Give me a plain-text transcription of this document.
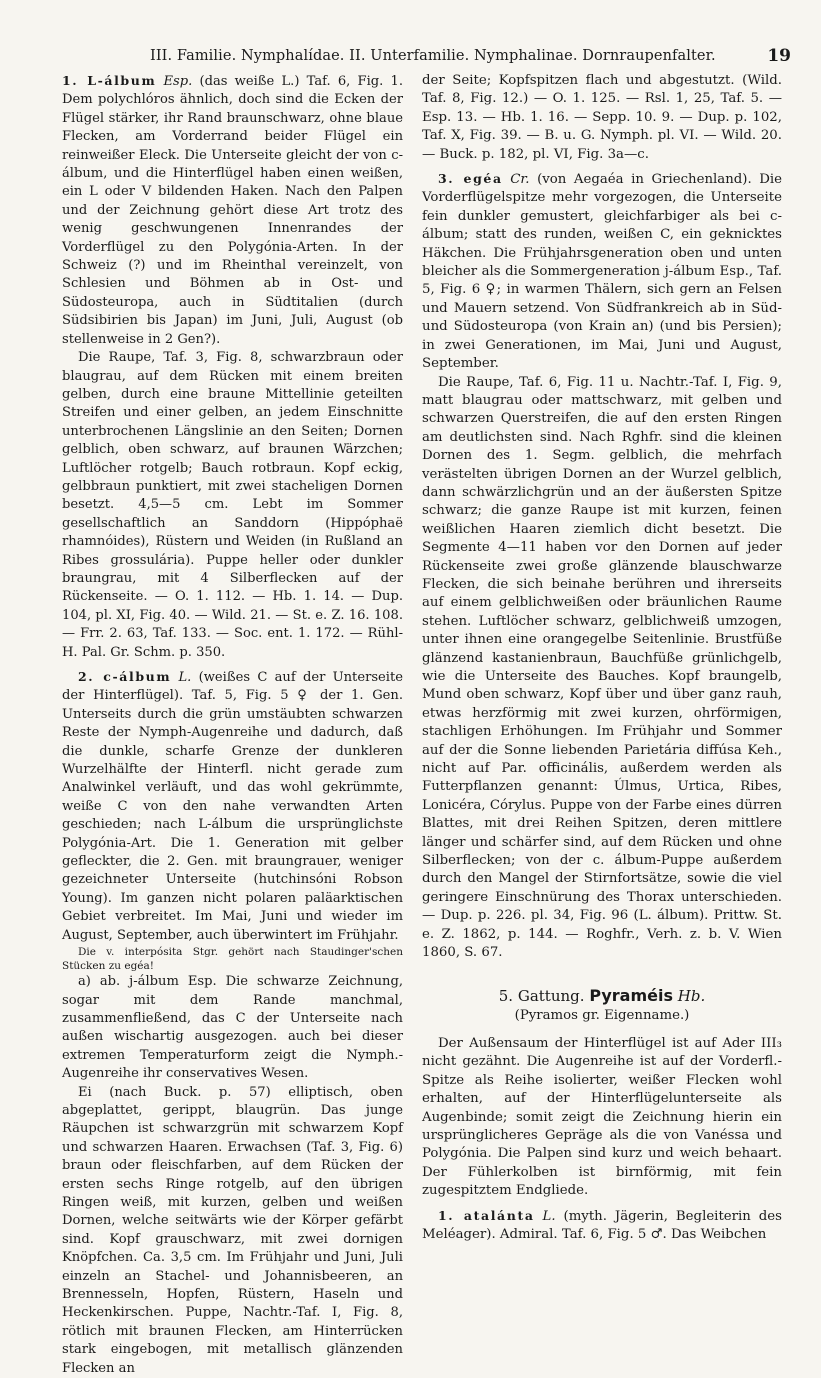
III. Familie. Nymphalídae. II. Unterfamilie. Nymphalinae. Dornraupenfalter.	19

1. L-álbum Esp. (das weiße L.) Taf. 6, Fig. 1. Dem polychlóros ähnlich, doch sind die Ecken der Flügel stärker, ihr Rand braunschwarz, ohne blaue Flecken, am Vorderrand beider Flügel ein reinweißer Eleck. Die Unterseite gleicht der von c-álbum, und die Hinterflügel haben einen weißen, ein L oder V bildenden Haken. Nach den Palpen und der Zeichnung gehört diese Art trotz des wenig geschwungenen Innenrandes der Vorderflügel zu den Polygónia-Arten. In der Schweiz (?) und im Rheinthal vereinzelt, von Schlesien und Böhmen ab in Ost- und Südosteuropa, auch in Südtitalien (durch Südsibirien bis Japan) im Juni, Juli, August (ob stellenweise in 2 Gen?).

Die Raupe, Taf. 3, Fig. 8, schwarzbraun oder blaugrau, auf dem Rücken mit einem breiten gelben, durch eine braune Mittellinie geteilten Streifen und einer gelben, an jedem Einschnitte unterbrochenen Längslinie an den Seiten; Dornen gelblich, oben schwarz, auf braunen Wärzchen; Luftlöcher rotgelb; Bauch rotbraun. Kopf eckig, gelbbraun punktiert, mit zwei stacheligen Dornen besetzt. 4,5—5 cm. Lebt im Sommer gesellschaftlich an Sanddorn (Hippóphaë rhamnóides), Rüstern und Weiden (in Rußland an Ribes grossulária). Puppe heller oder dunkler braungrau, mit 4 Silberflecken auf der Rückenseite. — O. 1. 112. — Hb. 1. 14. — Dup. 104, pl. XI, Fig. 40. — Wild. 21. — St. e. Z. 16. 108. — Frr. 2. 63, Taf. 133. — Soc. ent. 1. 172. — Rühl-H. Pal. Gr. Schm. p. 350.

2. c-álbum L. (weißes C auf der Unterseite der Hinterflügel). Taf. 5, Fig. 5 ♀ der 1. Gen. Unterseits durch die grün umstäubten schwarzen Reste der Nymph-Augenreihe und dadurch, daß die dunkle, scharfe Grenze der dunkleren Wurzelhälfte der Hinterfl. nicht gerade zum Analwinkel verläuft, und das wohl gekrümmte, weiße C von den nahe verwandten Arten geschieden; nach L-álbum die ursprünglichste Polygónia-Art. Die 1. Generation mit gelber gefleckter, die 2. Gen. mit braungrauer, weniger gezeichneter Unterseite (hutchinsóni Robson Young). Im ganzen nicht polaren paläarktischen Gebiet verbreitet. Im Mai, Juni und wieder im August, September, auch überwintert im Frühjahr.

Die v. interpósita Stgr. gehört nach Staudinger'schen Stücken zu egéa!

a) ab. j-álbum Esp. Die schwarze Zeichnung, sogar mit dem Rande manchmal, zusammenfließend, das C der Unterseite nach außen wischartig ausgezogen. auch bei dieser extremen Temperaturform zeigt die Nymph.-Augenreihe ihr conservatives Wesen.

Ei (nach Buck. p. 57) elliptisch, oben abgeplattet, gerippt, blaugrün. Das junge Räupchen ist schwarzgrün mit schwarzem Kopf und schwarzen Haaren. Erwachsen (Taf. 3, Fig. 6) braun oder fleischfarben, auf dem Rücken der ersten sechs Ringe rotgelb, auf den übrigen Ringen weiß, mit kurzen, gelben und weißen Dornen, welche seitwärts wie der Körper gefärbt sind. Kopf grauschwarz, mit zwei dornigen Knöpfchen. Ca. 3,5 cm. Im Frühjahr und Juni, Juli einzeln an Stachel- und Johannisbeeren, an Brennesseln, Hopfen, Rüstern, Haseln und Heckenkirschen. Puppe, Nachtr.-Taf. I, Fig. 8, rötlich mit braunen Flecken, am Hinterrücken stark eingebogen, mit metallisch glänzenden Flecken an

der Seite; Kopfspitzen flach und abgestutzt. (Wild. Taf. 8, Fig. 12.) — O. 1. 125. — Rsl. 1, 25, Taf. 5. — Esp. 13. — Hb. 1. 16. — Sepp. 10. 9. — Dup. p. 102, Taf. X, Fig. 39. — B. u. G. Nymph. pl. VI. — Wild. 20. — Buck. p. 182, pl. VI, Fig. 3a—c.

3. egéa Cr. (von Aegaéa in Griechenland). Die Vorderflügelspitze mehr vorgezogen, die Unterseite fein dunkler gemustert, gleichfarbiger als bei c-álbum; statt des runden, weißen C, ein geknicktes Häkchen. Die Frühjahrsgeneration oben und unten bleicher als die Sommergeneration j-álbum Esp., Taf. 5, Fig. 6 ♀; in warmen Thälern, sich gern an Felsen und Mauern setzend. Von Südfrankreich ab in Süd- und Südosteuropa (von Krain an) (und bis Persien); in zwei Generationen, im Mai, Juni und August, September.

Die Raupe, Taf. 6, Fig. 11 u. Nachtr.-Taf. I, Fig. 9, matt blaugrau oder mattschwarz, mit gelben und schwarzen Querstreifen, die auf den ersten Ringen am deutlichsten sind. Nach Rghfr. sind die kleinen Dornen des 1. Segm. gelblich, die mehrfach verästelten übrigen Dornen an der Wurzel gelblich, dann schwärzlichgrün und an der äußersten Spitze schwarz; die ganze Raupe ist mit kurzen, feinen weißlichen Haaren ziemlich dicht besetzt. Die Segmente 4—11 haben vor den Dornen auf jeder Rückenseite zwei große glänzende blauschwarze Flecken, die sich beinahe berühren und ihrerseits auf einem gelblichweißen oder bräunlichen Raume stehen. Luftlöcher schwarz, gelblichweiß umzogen, unter ihnen eine orangegelbe Seitenlinie. Brustfüße glänzend kastanienbraun, Bauchfüße grünlichgelb, wie die Unterseite des Bauches. Kopf braungelb, Mund oben schwarz, Kopf über und über ganz rauh, etwas herzförmig mit zwei kurzen, ohrförmigen, stachligen Erhöhungen. Im Frühjahr und Sommer auf der die Sonne liebenden Parietária diffúsa Keh., nicht auf Par. officinális, außerdem werden als Futterpflanzen genannt: Úlmus, Urtica, Ribes, Lonicéra, Córylus. Puppe von der Farbe eines dürren Blattes, mit drei Reihen Spitzen, deren mittlere länger und schärfer sind, auf dem Rücken und ohne Silberflecken; von der c. álbum-Puppe außerdem durch den Mangel der Stirnfortsätze, sowie die viel geringere Einschnürung des Thorax unterschieden. — Dup. p. 226. pl. 34, Fig. 96 (L. álbum). Prittw. St. e. Z. 1862, p. 144. — Roghfr., Verh. z. b. V. Wien 1860, S. 67.

5. Gattung. Pyraméis Hb.
(Pyramos gr. Eigenname.)

Der Außensaum der Hinterflügel ist auf Ader III₃ nicht gezähnt. Die Augenreihe ist auf der Vorderfl.-Spitze als Reihe isolierter, weißer Flecken wohl erhalten, auf der Hinterflügelunterseite als Augenbinde; somit zeigt die Zeichnung hierin ein ursprünglicheres Gepräge als die von Vanéssa und Polygónia. Die Palpen sind kurz und weich behaart. Der Fühlerkolben ist birnförmig, mit fein zugespitztem Endgliede.

1. atalánta L. (myth. Jägerin, Begleiterin des Meléager). Admiral. Taf. 6, Fig. 5 ♂. Das Weibchen
